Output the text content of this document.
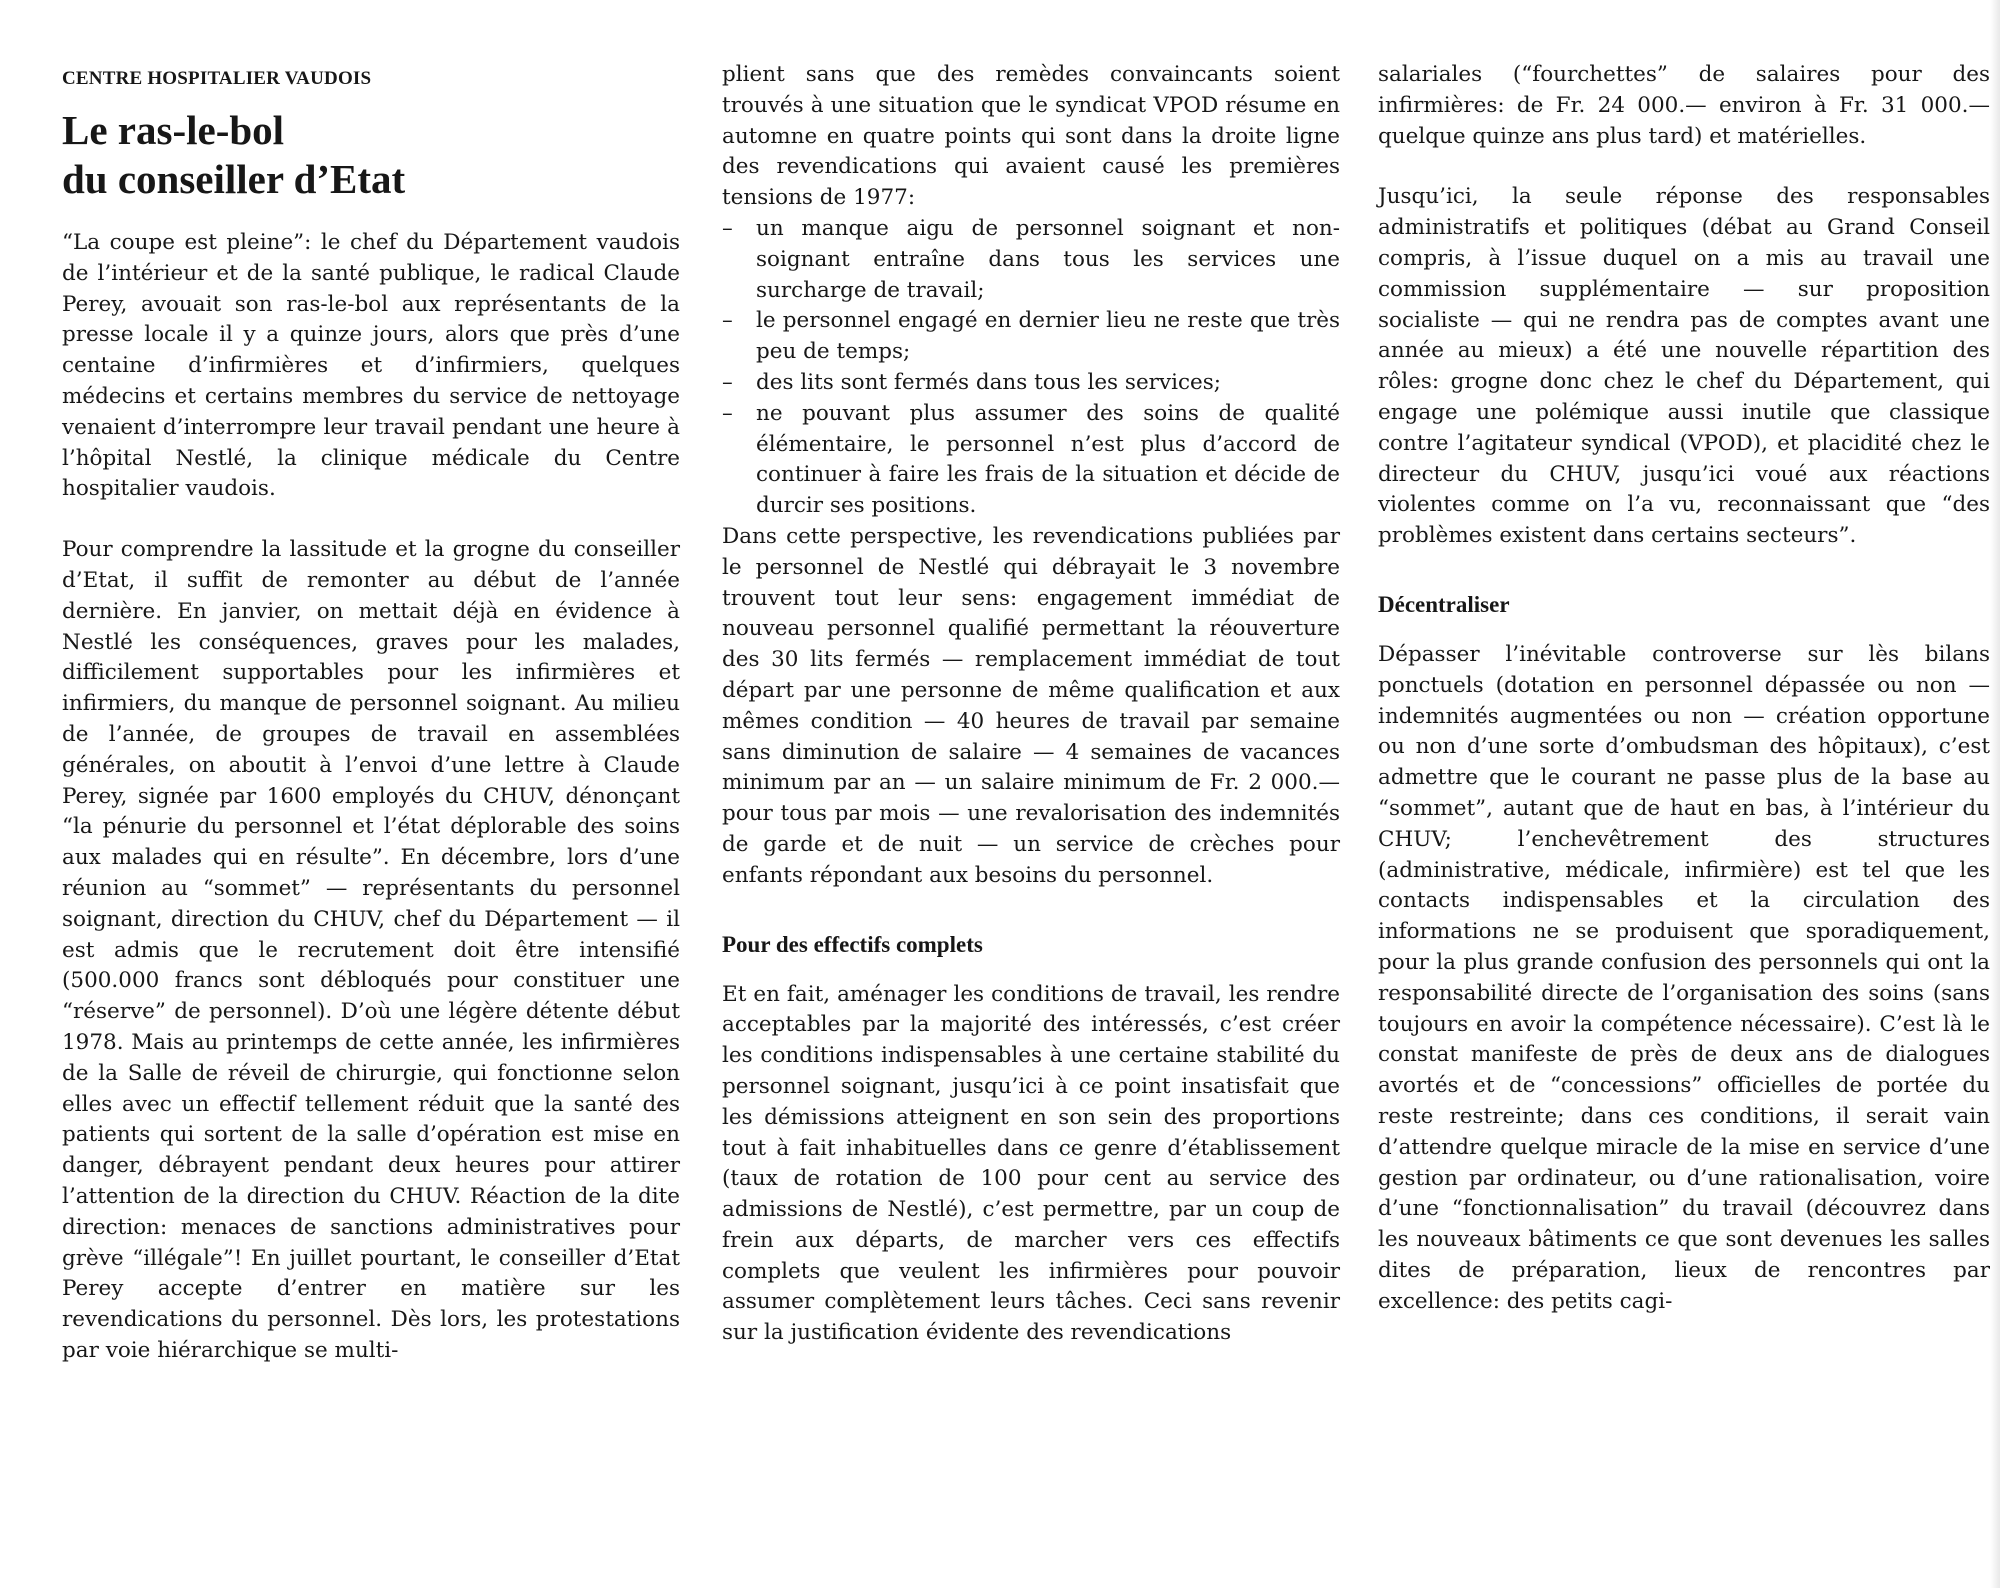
CENTRE HOSPITALIER VAUDOIS
Le ras-le-bol
du conseiller d’Etat

“La coupe est pleine”: le chef du Département vaudois de l’intérieur et de la santé publique, le radical Claude Perey, avouait son ras-le-bol aux représentants de la presse locale il y a quinze jours, alors que près d’une centaine d’infirmières et d’infirmiers, quelques médecins et certains membres du service de nettoyage venaient d’interrompre leur travail pendant une heure à l’hôpital Nestlé, la clinique médicale du Centre hospitalier vaudois.

Pour comprendre la lassitude et la grogne du conseiller d’Etat, il suffit de remonter au début de l’année dernière. En janvier, on mettait déjà en évidence à Nestlé les conséquences, graves pour les malades, difficilement supportables pour les infirmières et infirmiers, du manque de personnel soignant. Au milieu de l’année, de groupes de travail en assemblées générales, on aboutit à l’envoi d’une lettre à Claude Perey, signée par 1600 employés du CHUV, dénonçant “la pénurie du personnel et l’état déplorable des soins aux malades qui en résulte”. En décembre, lors d’une réunion au “sommet” — représentants du personnel soignant, direction du CHUV, chef du Département — il est admis que le recrutement doit être intensifié (500.000 francs sont débloqués pour constituer une “réserve” de personnel). D’où une légère détente début 1978. Mais au printemps de cette année, les infirmières de la Salle de réveil de chirurgie, qui fonctionne selon elles avec un effectif tellement réduit que la santé des patients qui sortent de la salle d’opération est mise en danger, débrayent pendant deux heures pour attirer l’attention de la direction du CHUV. Réaction de la dite direction: menaces de sanctions administratives pour grève “illégale”! En juillet pourtant, le conseiller d’Etat Perey accepte d’entrer en matière sur les revendications du personnel. Dès lors, les protestations par voie hiérarchique se multi-

plient sans que des remèdes convaincants soient trouvés à une situation que le syndicat VPOD résume en automne en quatre points qui sont dans la droite ligne des revendications qui avaient causé les premières tensions de 1977:

– un manque aigu de personnel soignant et non-soignant entraîne dans tous les services une surcharge de travail;
– le personnel engagé en dernier lieu ne reste que très peu de temps;
– des lits sont fermés dans tous les services;
– ne pouvant plus assumer des soins de qualité élémentaire, le personnel n’est plus d’accord de continuer à faire les frais de la situation et décide de durcir ses positions.

Dans cette perspective, les revendications publiées par le personnel de Nestlé qui débrayait le 3 novembre trouvent tout leur sens: engagement immédiat de nouveau personnel qualifié permettant la réouverture des 30 lits fermés — remplacement immédiat de tout départ par une personne de même qualification et aux mêmes condition — 40 heures de travail par semaine sans diminution de salaire — 4 semaines de vacances minimum par an — un salaire minimum de Fr. 2 000.— pour tous par mois — une revalorisation des indemnités de garde et de nuit — un service de crèches pour enfants répondant aux besoins du personnel.

Pour des effectifs complets

Et en fait, aménager les conditions de travail, les rendre acceptables par la majorité des intéressés, c’est créer les conditions indispensables à une certaine stabilité du personnel soignant, jusqu’ici à ce point insatisfait que les démissions atteignent en son sein des proportions tout à fait inhabituelles dans ce genre d’établissement (taux de rotation de 100 pour cent au service des admissions de Nestlé), c’est permettre, par un coup de frein aux départs, de marcher vers ces effectifs complets que veulent les infirmières pour pouvoir assumer complètement leurs tâches. Ceci sans revenir sur la justification évidente des revendications

salariales (“fourchettes” de salaires pour des infirmières: de Fr. 24 000.— environ à Fr. 31 000.— quelque quinze ans plus tard) et matérielles.

Jusqu’ici, la seule réponse des responsables administratifs et politiques (débat au Grand Conseil compris, à l’issue duquel on a mis au travail une commission supplémentaire — sur proposition socialiste — qui ne rendra pas de comptes avant une année au mieux) a été une nouvelle répartition des rôles: grogne donc chez le chef du Département, qui engage une polémique aussi inutile que classique contre l’agitateur syndical (VPOD), et placidité chez le directeur du CHUV, jusqu’ici voué aux réactions violentes comme on l’a vu, reconnaissant que “des problèmes existent dans certains secteurs”.

Décentraliser

Dépasser l’inévitable controverse sur lès bilans ponctuels (dotation en personnel dépassée ou non — indemnités augmentées ou non — création opportune ou non d’une sorte d’ombudsman des hôpitaux), c’est admettre que le courant ne passe plus de la base au “sommet”, autant que de haut en bas, à l’intérieur du CHUV; l’enchevêtrement des structures (administrative, médicale, infirmière) est tel que les contacts indispensables et la circulation des informations ne se produisent que sporadiquement, pour la plus grande confusion des personnels qui ont la responsabilité directe de l’organisation des soins (sans toujours en avoir la compétence nécessaire). C’est là le constat manifeste de près de deux ans de dialogues avortés et de “concessions” officielles de portée du reste restreinte; dans ces conditions, il serait vain d’attendre quelque miracle de la mise en service d’une gestion par ordinateur, ou d’une rationalisation, voire d’une “fonctionnalisation” du travail (découvrez dans les nouveaux bâtiments ce que sont devenues les salles dites de préparation, lieux de rencontres par excellence: des petits cagi-
